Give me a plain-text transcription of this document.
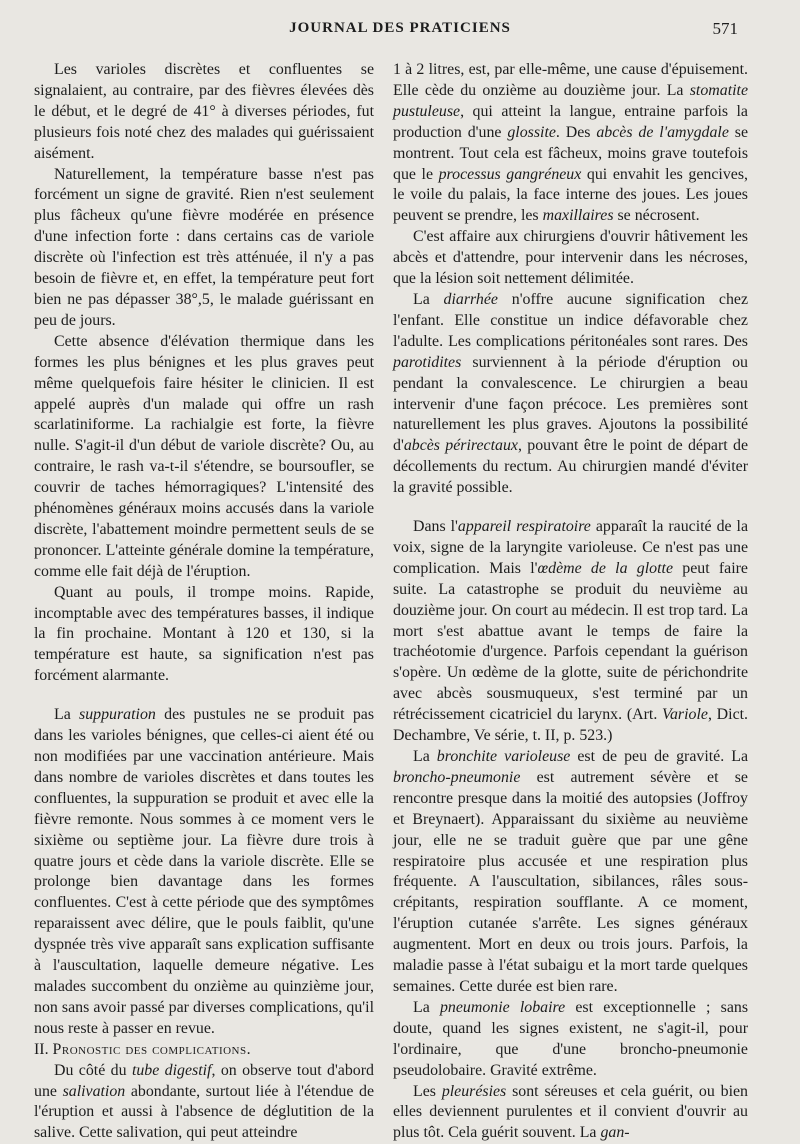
JOURNAL DES PRATICIENS	571

Les varioles discrètes et confluentes se signalaient, au contraire, par des fièvres élevées dès le début, et le degré de 41° à diverses périodes, fut plusieurs fois noté chez des malades qui guérissaient aisément.

Naturellement, la température basse n'est pas forcément un signe de gravité. Rien n'est seulement plus fâcheux qu'une fièvre modérée en présence d'une infection forte : dans certains cas de variole discrète où l'infection est très atténuée, il n'y a pas besoin de fièvre et, en effet, la température peut fort bien ne pas dépasser 38°,5, le malade guérissant en peu de jours.

Cette absence d'élévation thermique dans les formes les plus bénignes et les plus graves peut même quelquefois faire hésiter le clinicien. Il est appelé auprès d'un malade qui offre un rash scarlatiniforme. La rachialgie est forte, la fièvre nulle. S'agit-il d'un début de variole discrète? Ou, au contraire, le rash va-t-il s'étendre, se boursoufler, se couvrir de taches hémorragiques? L'intensité des phénomènes généraux moins accusés dans la variole discrète, l'abattement moindre permettent seuls de se prononcer. L'atteinte générale domine la température, comme elle fait déjà de l'éruption.

Quant au pouls, il trompe moins. Rapide, incomptable avec des températures basses, il indique la fin prochaine. Montant à 120 et 130, si la température est haute, sa signification n'est pas forcément alarmante.

La suppuration des pustules ne se produit pas dans les varioles bénignes, que celles-ci aient été ou non modifiées par une vaccination antérieure. Mais dans nombre de varioles discrètes et dans toutes les confluentes, la suppuration se produit et avec elle la fièvre remonte. Nous sommes à ce moment vers le sixième ou septième jour. La fièvre dure trois à quatre jours et cède dans la variole discrète. Elle se prolonge bien davantage dans les formes confluentes. C'est à cette période que des symptômes reparaissent avec délire, que le pouls faiblit, qu'une dyspnée très vive apparaît sans explication suffisante à l'auscultation, laquelle demeure négative. Les malades succombent du onzième au quinzième jour, non sans avoir passé par diverses complications, qu'il nous reste à passer en revue.

II. Pronostic des complications.

Du côté du tube digestif, on observe tout d'abord une salivation abondante, surtout liée à l'étendue de l'éruption et aussi à l'absence de déglutition de la salive. Cette salivation, qui peut atteindre

1 à 2 litres, est, par elle-même, une cause d'épuisement. Elle cède du onzième au douzième jour. La stomatite pustuleuse, qui atteint la langue, entraine parfois la production d'une glossite. Des abcès de l'amygdale se montrent. Tout cela est fâcheux, moins grave toutefois que le processus gangréneux qui envahit les gencives, le voile du palais, la face interne des joues. Les joues peuvent se prendre, les maxillaires se nécrosent.

C'est affaire aux chirurgiens d'ouvrir hâtivement les abcès et d'attendre, pour intervenir dans les nécroses, que la lésion soit nettement délimitée.

La diarrhée n'offre aucune signification chez l'enfant. Elle constitue un indice défavorable chez l'adulte. Les complications péritonéales sont rares. Des parotidites surviennent à la période d'éruption ou pendant la convalescence. Le chirurgien a beau intervenir d'une façon précoce. Les premières sont naturellement les plus graves. Ajoutons la possibilité d'abcès périrectaux, pouvant être le point de départ de décollements du rectum. Au chirurgien mandé d'éviter la gravité possible.

Dans l'appareil respiratoire apparaît la raucité de la voix, signe de la laryngite varioleuse. Ce n'est pas une complication. Mais l'œdème de la glotte peut faire suite. La catastrophe se produit du neuvième au douzième jour. On court au médecin. Il est trop tard. La mort s'est abattue avant le temps de faire la trachéotomie d'urgence. Parfois cependant la guérison s'opère. Un œdème de la glotte, suite de périchondrite avec abcès sousmuqueux, s'est terminé par un rétrécissement cicatriciel du larynx. (Art. Variole, Dict. Dechambre, Ve série, t. II, p. 523.)

La bronchite varioleuse est de peu de gravité. La broncho-pneumonie est autrement sévère et se rencontre presque dans la moitié des autopsies (Joffroy et Breynaert). Apparaissant du sixième au neuvième jour, elle ne se traduit guère que par une gêne respiratoire plus accusée et une respiration plus fréquente. A l'auscultation, sibilances, râles sous-crépitants, respiration soufflante. A ce moment, l'éruption cutanée s'arrête. Les signes généraux augmentent. Mort en deux ou trois jours. Parfois, la maladie passe à l'état subaigu et la mort tarde quelques semaines. Cette durée est bien rare.

La pneumonie lobaire est exceptionnelle ; sans doute, quand les signes existent, ne s'agit-il, pour l'ordinaire, que d'une broncho-pneumonie pseudolobaire. Gravité extrême.

Les pleurésies sont séreuses et cela guérit, ou bien elles deviennent purulentes et il convient d'ouvrir au plus tôt. Cela guérit souvent. La gan-
